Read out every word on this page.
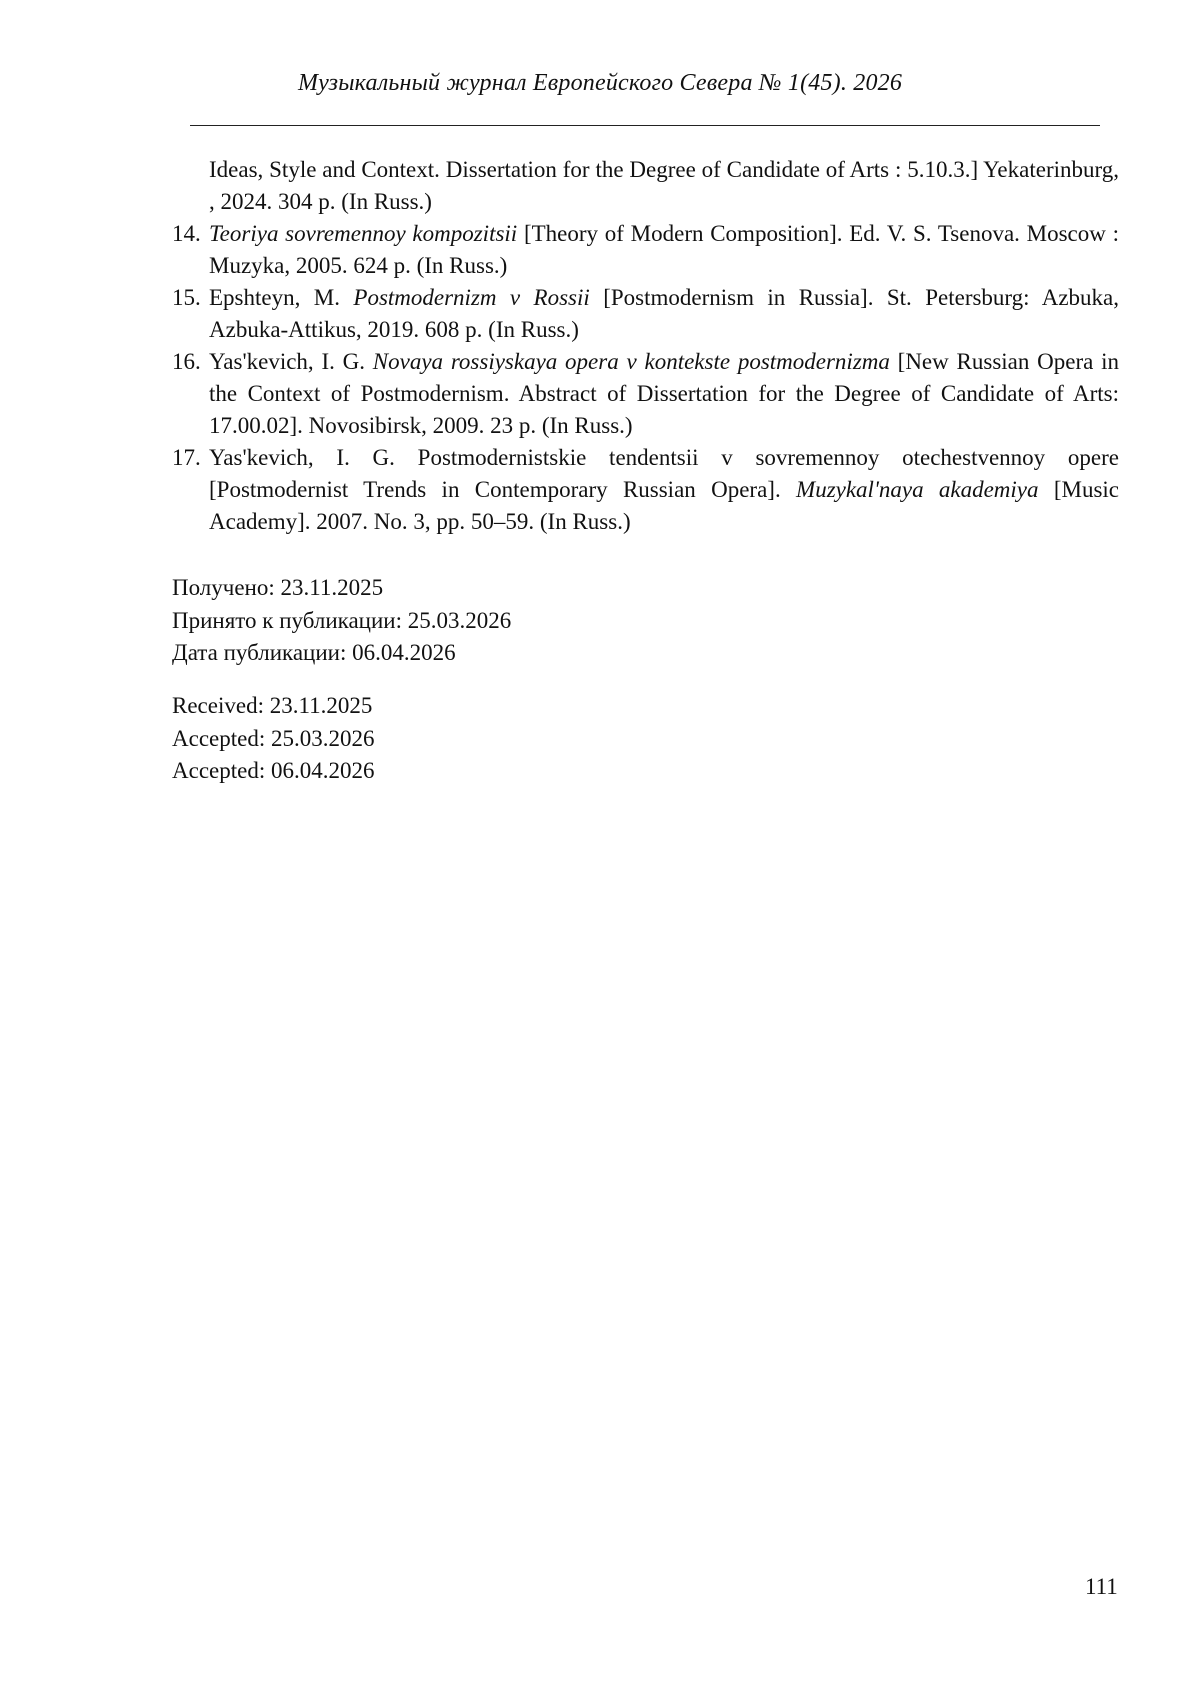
Музыкальный журнал Европейского Севера № 1(45). 2026
Ideas, Style and Context. Dissertation for the Degree of Candidate of Arts : 5.10.3.] Yekaterinburg, , 2024. 304 p. (In Russ.)
14. Teoriya sovremennoy kompozitsii [Theory of Modern Composition]. Ed. V. S. Tsenova. Moscow : Muzyka, 2005. 624 p. (In Russ.)
15. Epshteyn, M. Postmodernizm v Rossii [Postmodernism in Russia]. St. Petersburg: Azbuka, Azbuka-Attikus, 2019. 608 p. (In Russ.)
16. Yas'kevich, I. G. Novaya rossiyskaya opera v kontekste postmodernizma [New Russian Opera in the Context of Postmodernism. Abstract of Dissertation for the Degree of Candidate of Arts: 17.00.02]. Novosibirsk, 2009. 23 p. (In Russ.)
17. Yas'kevich, I. G. Postmodernistskie tendentsii v sovremennoy otechestvennoy opere [Postmodernist Trends in Contemporary Russian Opera]. Muzykal'naya akademiya [Music Academy]. 2007. No. 3, pp. 50–59. (In Russ.)
Получено: 23.11.2025
Принято к публикации: 25.03.2026
Дата публикации: 06.04.2026
Received: 23.11.2025
Accepted: 25.03.2026
Accepted: 06.04.2026
111
